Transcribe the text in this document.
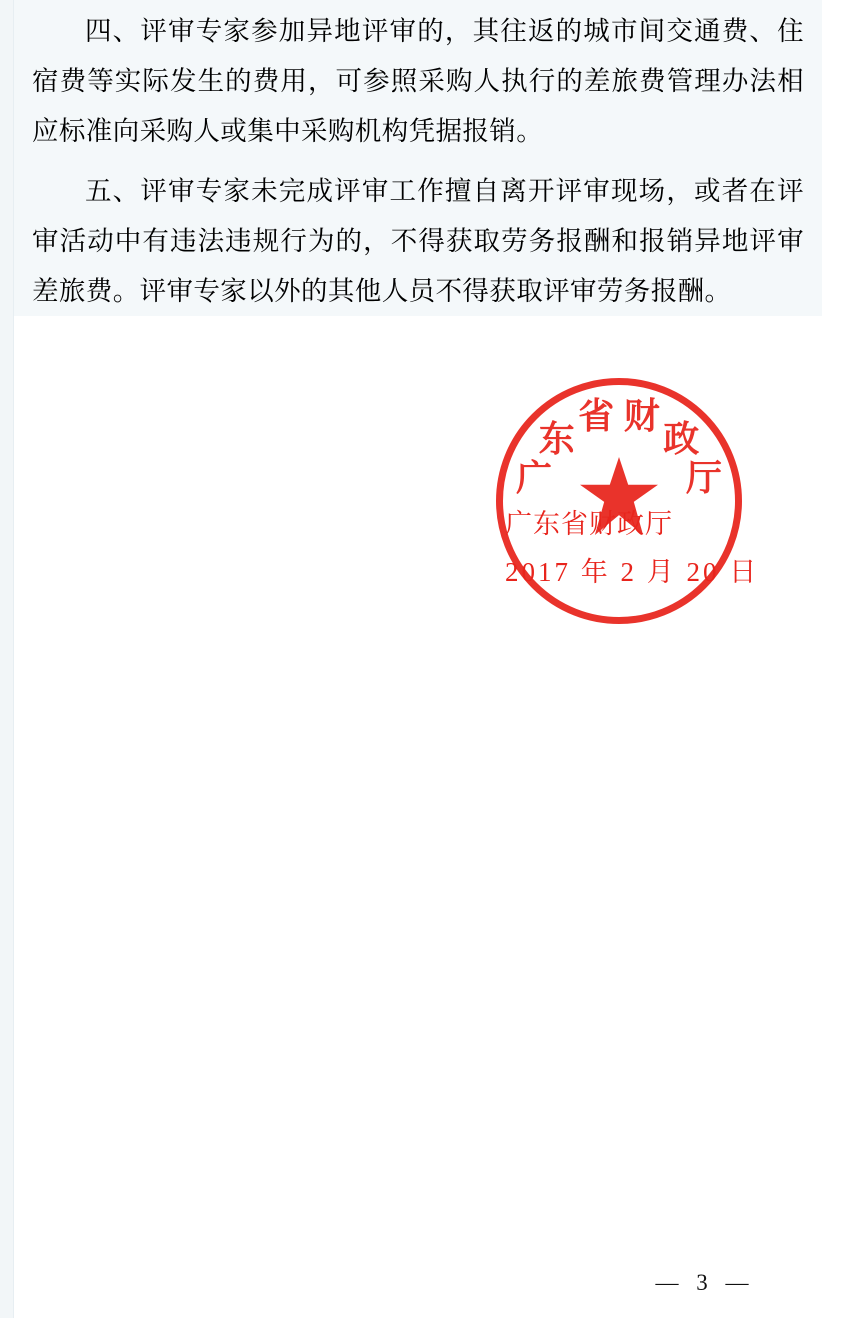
四、评审专家参加异地评审的，其往返的城市间交通费、住宿费等实际发生的费用，可参照采购人执行的差旅费管理办法相应标准向采购人或集中采购机构凭据报销。

五、评审专家未完成评审工作擅自离开评审现场，或者在评审活动中有违法违规行为的，不得获取劳务报酬和报销异地评审差旅费。评审专家以外的其他人员不得获取评审劳务报酬。

广
东
省 财
政
厅
广东省财政厅
2017 年 2 月 20 日
— 3 —
